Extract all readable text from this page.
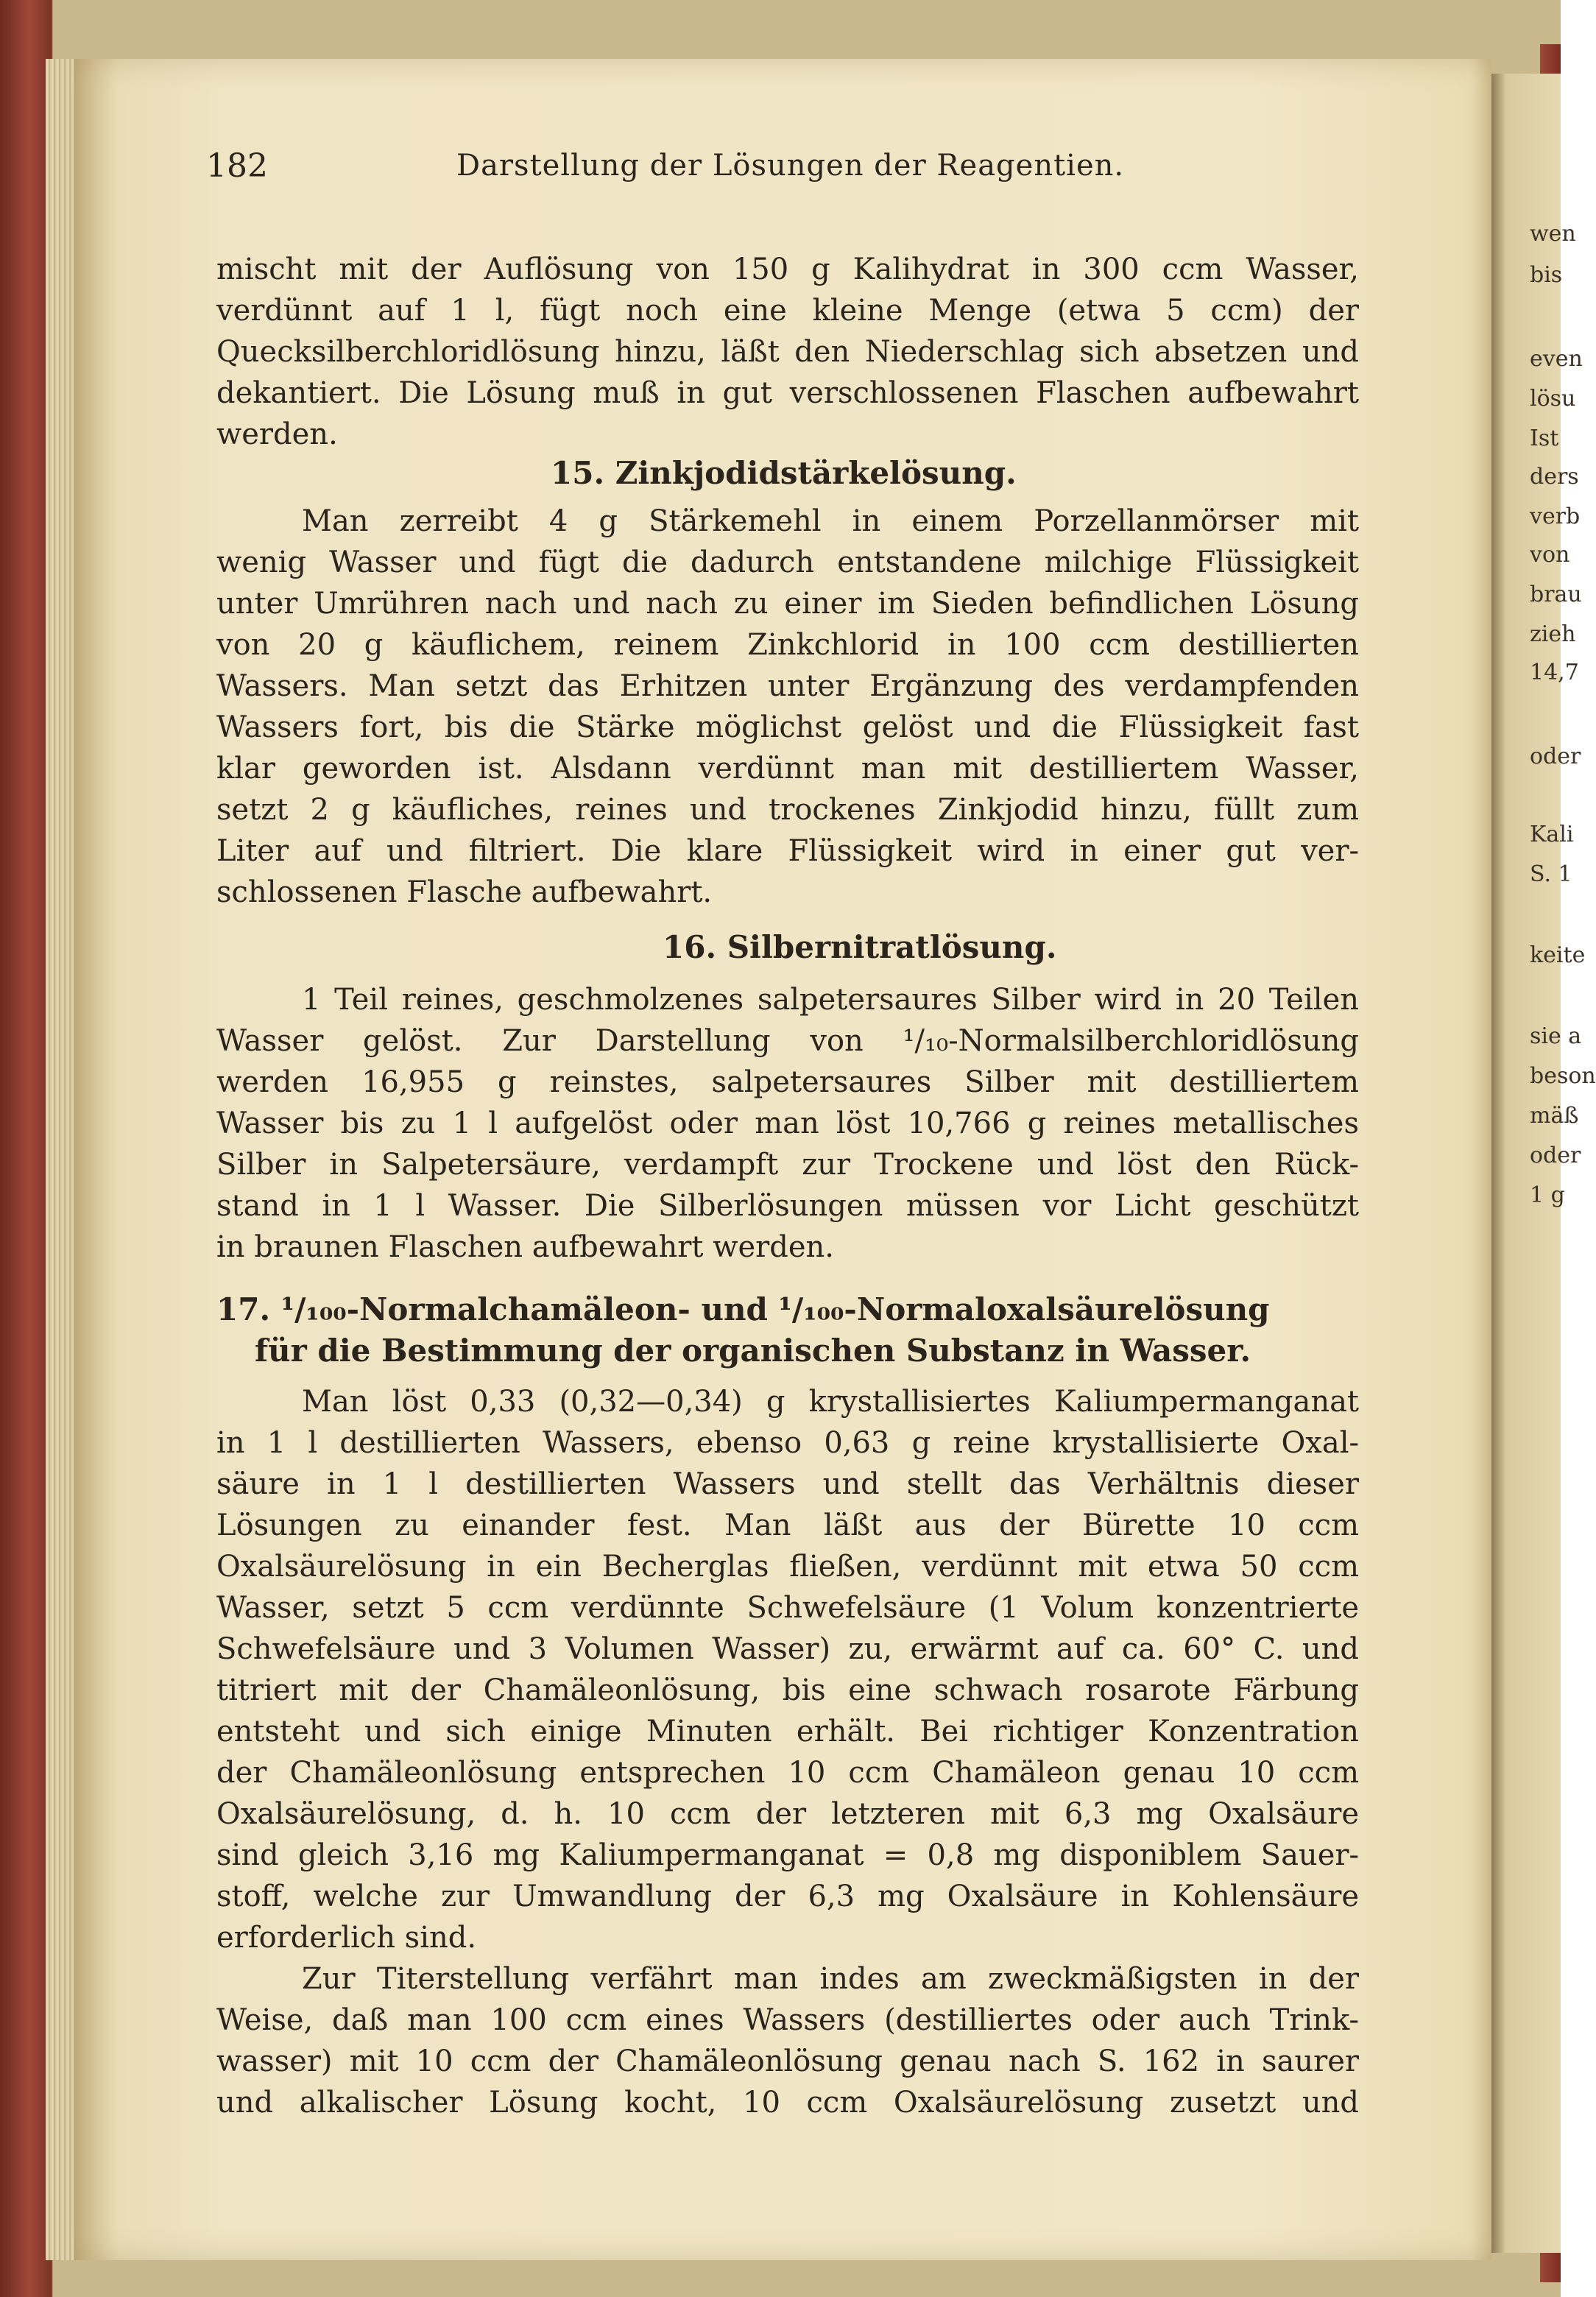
182	Darstellung der Lösungen der Reagentien.
mischt mit der Auflösung von 150 g Kalihydrat in 300 ccm Wasser,
verdünnt auf 1 l, fügt noch eine kleine Menge (etwa 5 ccm) der
Quecksilberchloridlösung hinzu, läßt den Niederschlag sich absetzen und
dekantiert. Die Lösung muß in gut verschlossenen Flaschen aufbewahrt
werden.
15. Zinkjodidstärkelösung.
Man zerreibt 4 g Stärkemehl in einem Porzellanmörser mit
wenig Wasser und fügt die dadurch entstandene milchige Flüssigkeit
unter Umrühren nach und nach zu einer im Sieden befindlichen Lösung
von 20 g käuflichem, reinem Zinkchlorid in 100 ccm destillierten
Wassers. Man setzt das Erhitzen unter Ergänzung des verdampfenden
Wassers fort, bis die Stärke möglichst gelöst und die Flüssigkeit fast
klar geworden ist. Alsdann verdünnt man mit destilliertem Wasser,
setzt 2 g käufliches, reines und trockenes Zinkjodid hinzu, füllt zum
Liter auf und filtriert. Die klare Flüssigkeit wird in einer gut ver-
schlossenen Flasche aufbewahrt.
16. Silbernitratlösung.
1 Teil reines, geschmolzenes salpetersaures Silber wird in 20 Teilen
Wasser gelöst. Zur Darstellung von ¹/₁₀-Normalsilberchloridlösung
werden 16,955 g reinstes, salpetersaures Silber mit destilliertem
Wasser bis zu 1 l aufgelöst oder man löst 10,766 g reines metallisches
Silber in Salpetersäure, verdampft zur Trockene und löst den Rück-
stand in 1 l Wasser. Die Silberlösungen müssen vor Licht geschützt
in braunen Flaschen aufbewahrt werden.
17. ¹/₁₀₀-Normalchamäleon- und ¹/₁₀₀-Normaloxalsäurelösung
für die Bestimmung der organischen Substanz in Wasser.
Man löst 0,33 (0,32—0,34) g krystallisiertes Kaliumpermanganat
in 1 l destillierten Wassers, ebenso 0,63 g reine krystallisierte Oxal-
säure in 1 l destillierten Wassers und stellt das Verhältnis dieser
Lösungen zu einander fest. Man läßt aus der Bürette 10 ccm
Oxalsäurelösung in ein Becherglas fließen, verdünnt mit etwa 50 ccm
Wasser, setzt 5 ccm verdünnte Schwefelsäure (1 Volum konzentrierte
Schwefelsäure und 3 Volumen Wasser) zu, erwärmt auf ca. 60° C. und
titriert mit der Chamäleonlösung, bis eine schwach rosarote Färbung
entsteht und sich einige Minuten erhält. Bei richtiger Konzentration
der Chamäleonlösung entsprechen 10 ccm Chamäleon genau 10 ccm
Oxalsäurelösung, d. h. 10 ccm der letzteren mit 6,3 mg Oxalsäure
sind gleich 3,16 mg Kaliumpermanganat = 0,8 mg disponiblem Sauer-
stoff, welche zur Umwandlung der 6,3 mg Oxalsäure in Kohlensäure
erforderlich sind.
Zur Titerstellung verfährt man indes am zweckmäßigsten in der
Weise, daß man 100 ccm eines Wassers (destilliertes oder auch Trink-
wasser) mit 10 ccm der Chamäleonlösung genau nach S. 162 in saurer
und alkalischer Lösung kocht, 10 ccm Oxalsäurelösung zusetzt und
wen
bis
even
lösu
Ist
ders
verb
von
brau
zieh
14,7
oder
Kali
S. 1
keite
sie a
beson
mäß
oder
1 g
